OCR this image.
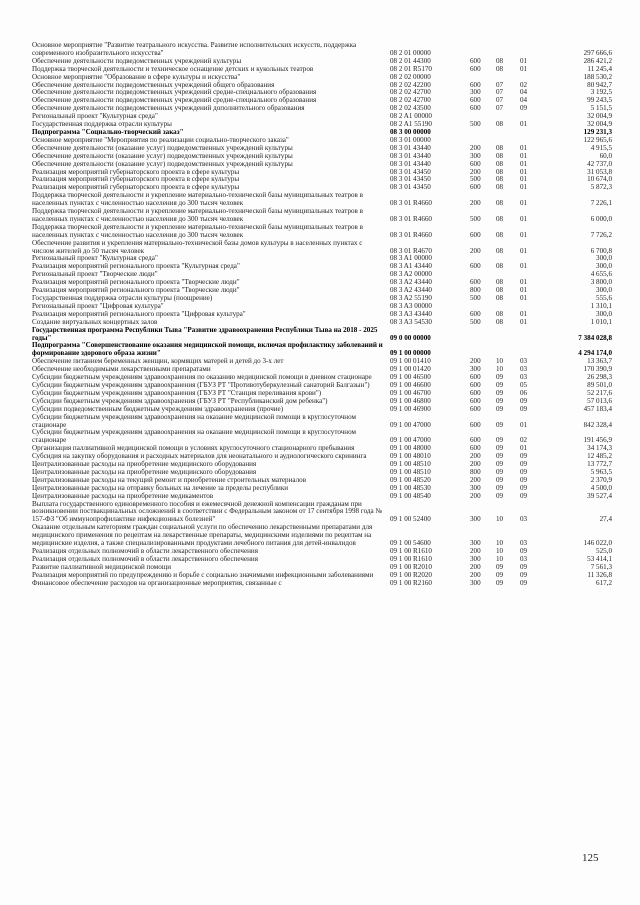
Основное мероприятие "Развитие театрального искусства. Развитие исполнительских искусств, поддержка современного изобразительного искусства"	08 2 01 00000	297 666,6
Обеспечение деятельности подведомственных учреждений культуры	08 2 01 44300	600	08	01	286 421,2
Поддержка творческой деятельности и техническое оснащение детских и кукольных театров	08 2 01 R5170	600	08	01	11 245,4
Основное мероприятие "Образование в сфере культуры и искусства"	08 2 02 00000	188 530,2
Обеспечение деятельности подведомственных учреждений общего образования	08 2 02 42200	600	07	02	80 942,7
Обеспечение деятельности подведомственных учреждений средне-специального образования	08 2 02 42700	300	07	04	3 192,5
Обеспечение деятельности подведомственных учреждений средне-специального образования	08 2 02 42700	600	07	04	99 243,5
Обеспечение деятельности подведомственных учреждений дополнительного образования	08 2 02 43500	600	07	09	5 151,5
Региональный проект "Культурная среда"	08 2 A1 00000	32 004,9
Государственная поддержка отрасли культуры	08 2 A1 55190	500	08	01	32 004,9
Подпрограмма "Социально-творческий заказ"	08 3 00 00000	129 231,3
Основное мероприятие "Мероприятия по реализации социально-творческого заказа"	08 3 01 00000	122 965,6
Обеспечение деятельности (оказание услуг) подведомственных учреждений культуры	08 3 01 43440	200	08	01	4 915,5
Обеспечение деятельности (оказание услуг) подведомственных учреждений культуры	08 3 01 43440	300	08	01	60,0
Обеспечение деятельности (оказание услуг) подведомственных учреждений культуры	08 3 01 43440	600	08	01	42 737,0
Реализация мероприятий губернаторского проекта в сфере культуры	08 3 01 43450	200	08	01	31 053,8
Реализация мероприятий губернаторского проекта в сфере культуры	08 3 01 43450	500	08	01	10 674,0
Реализация мероприятий губернаторского проекта в сфере культуры	08 3 01 43450	600	08	01	5 872,3
Поддержка творческой деятельности и укрепление материально-технической базы муниципальных театров в населенных пунктах с численностью населения до 300 тысяч человек	08 3 01 R4660	200	08	01	7 226,1
Поддержка творческой деятельности и укрепление материально-технической базы муниципальных театров в населенных пунктах с численностью населения до 300 тысяч человек	08 3 01 R4660	500	08	01	6 000,0
Поддержка творческой деятельности и укрепление материально-технической базы муниципальных театров в населенных пунктах с численностью населения до 300 тысяч человек	08 3 01 R4660	600	08	01	7 726,2
Обеспечение развития и укрепления материально-технической базы домов культуры в населенных пунктах с числом жителей до 50 тысяч человек	08 3 01 R4670	200	08	01	6 700,8
Региональный проект "Культурная среда"	08 3 A1 00000	300,0
Реализация мероприятий регионального проекта "Культурная среда"	08 3 A1 43440	600	08	01	300,0
Региональный проект "Творческие люди"	08 3 A2 00000	4 655,6
Реализация мероприятий регионального проекта "Творческие люди"	08 3 A2 43440	600	08	01	3 800,0
Реализация мероприятий регионального проекта "Творческие люди"	08 3 A2 43440	800	08	01	300,0
Государственная поддержка отрасли культуры (поощрение)	08 3 A2 55190	500	08	01	555,6
Региональный проект "Цифровая культура"	08 3 A3 00000	1 310,1
Реализация мероприятий регионального проекта "Цифровая культура"	08 3 A3 43440	600	08	01	300,0
Создание виртуальных концертных залов	08 3 A3 54530	500	08	01	1 010,1
Государственная программа Республики Тыва "Развитие здравоохранения Республики Тыва на 2018 - 2025 годы"	09 0 00 00000	7 384 028,8
Подпрограмма "Совершенствование оказания медицинской помощи, включая профилактику заболеваний и формирование здорового образа жизни"	09 1 00 00000	4 294 174,0
Обеспечение питанием беременных женщин, кормящих матерей и детей до 3-х лет	09 1 00 01410	200	10	03	13 363,7
Обеспечение необходимыми лекарственными препаратами	09 1 00 01420	300	10	03	170 390,9
Субсидии бюджетным учреждениям здравоохранения по оказанию медицинской помощи в дневном стационаре	09 1 00 46500	600	09	03	26 298,3
Субсидии бюджетным учреждениям здравоохранения (ГБУЗ РТ "Противотуберкулезный санаторий Балгазын")	09 1 00 46600	600	09	05	89 501,0
Субсидии бюджетным учреждениям здравоохранения (ГБУЗ РТ "Станция переливания крови")	09 1 00 46700	600	09	06	52 217,6
Субсидии бюджетным учреждениям здравоохранения (ГБУЗ РТ "Республиканский дом ребенка")	09 1 00 46800	600	09	09	57 013,6
Субсидии подведомственным бюджетным учреждениям здравоохранения (прочие)	09 1 00 46900	600	09	09	457 183,4
Субсидии бюджетным учреждениям здравоохранения на оказание медицинской помощи в круглосуточном стационаре	09 1 00 47000	600	09	01	842 328,4
Субсидии бюджетным учреждениям здравоохранения на оказание медицинской помощи в круглосуточном стационаре	09 1 00 47000	600	09	02	191 456,9
Организация паллиативной медицинской помощи в условиях круглосуточного стационарного пребывания	09 1 00 48000	600	09	01	34 174,3
Субсидия на закупку оборудования и расходных материалов для неонатального и аудиологического скрининга	09 1 00 48010	200	09	09	12 485,2
Централизованные расходы на приобретение медицинского оборудования	09 1 00 48510	200	09	09	13 772,7
Централизованные расходы на приобретение медицинского оборудования	09 1 00 48510	800	09	09	5 963,5
Централизованные расходы на текущий ремонт и приобретение строительных материалов	09 1 00 48520	200	09	09	2 370,9
Централизованные расходы на отправку больных на лечение за пределы республики	09 1 00 48530	300	09	09	4 500,0
Централизованные расходы на приобретение медикаментов	09 1 00 48540	200	09	09	39 527,4
Выплата государственного единовременного пособия и ежемесячной денежной компенсации гражданам при возникновении поствакцинальных осложнений в соответствии с Федеральным законом от 17 сентября 1998 года № 157-ФЗ "Об иммунопрофилактике инфекционных болезней"	09 1 00 52400	300	10	03	27,4
Оказание отдельным категориям граждан социальной услуги по обеспечению лекарственными препаратами для медицинского применения по рецептам на лекарственные препараты, медицинскими изделиями по рецептам на медицинские изделия, а также специализированными продуктами лечебного питания для детей-инвалидов	09 1 00 54600	300	10	03	146 022,0
Реализация отдельных полномочий в области лекарственного обеспечения	09 1 00 R1610	200	10	09	525,0
Реализация отдельных полномочий в области лекарственного обеспечения	09 1 00 R1610	300	10	03	53 414,1
Развитие паллиативной медицинской помощи	09 1 00 R2010	200	09	09	7 561,3
Реализация мероприятий по предупреждению и борьбе с социально значимыми инфекционными заболеваниями	09 1 00 R2020	200	09	09	11 326,8
Финансовое обеспечение расходов на организационные мероприятия, связанные с	09 1 00 R2160	300	09	09	617,2
125
